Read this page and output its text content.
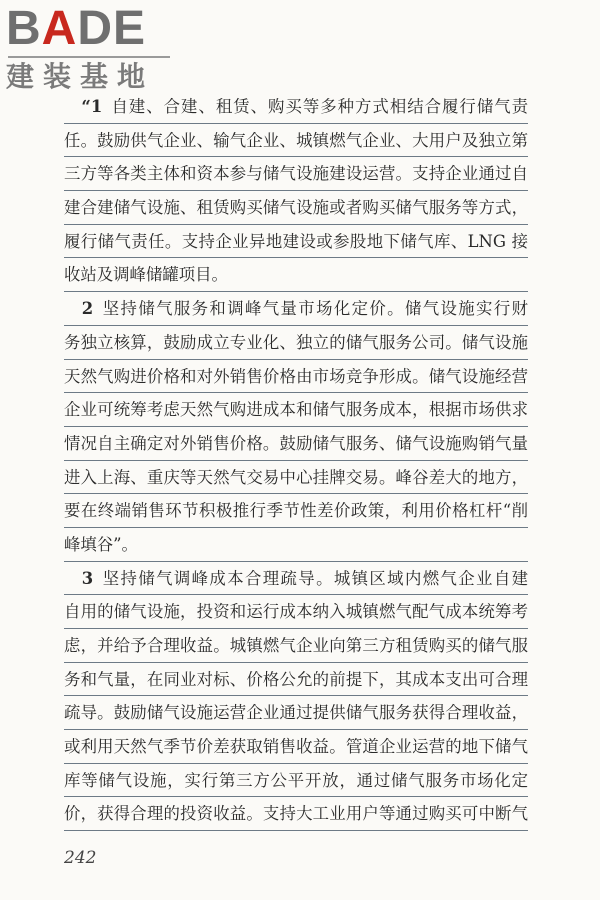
BADE
建装基地
　“1  自建、合建、租赁、购买等多种方式相结合履行储气责
任。鼓励供气企业、输气企业、城镇燃气企业、大用户及独立第
三方等各类主体和资本参与储气设施建设运营。支持企业通过自
建合建储气设施、租赁购买储气设施或者购买储气服务等方式，
履行储气责任。支持企业异地建设或参股地下储气库、LNG 接
收站及调峰储罐项目。
　2  坚持储气服务和调峰气量市场化定价。储气设施实行财
务独立核算，鼓励成立专业化、独立的储气服务公司。储气设施
天然气购进价格和对外销售价格由市场竞争形成。储气设施经营
企业可统筹考虑天然气购进成本和储气服务成本，根据市场供求
情况自主确定对外销售价格。鼓励储气服务、储气设施购销气量
进入上海、重庆等天然气交易中心挂牌交易。峰谷差大的地方，
要在终端销售环节积极推行季节性差价政策，利用价格杠杆“削
峰填谷”。
　3  坚持储气调峰成本合理疏导。城镇区域内燃气企业自建
自用的储气设施，投资和运行成本纳入城镇燃气配气成本统筹考
虑，并给予合理收益。城镇燃气企业向第三方租赁购买的储气服
务和气量，在同业对标、价格公允的前提下，其成本支出可合理
疏导。鼓励储气设施运营企业通过提供储气服务获得合理收益，
或利用天然气季节价差获取销售收益。管道企业运营的地下储气
库等储气设施，实行第三方公平开放，通过储气服务市场化定
价，获得合理的投资收益。支持大工业用户等通过购买可中断气
242
